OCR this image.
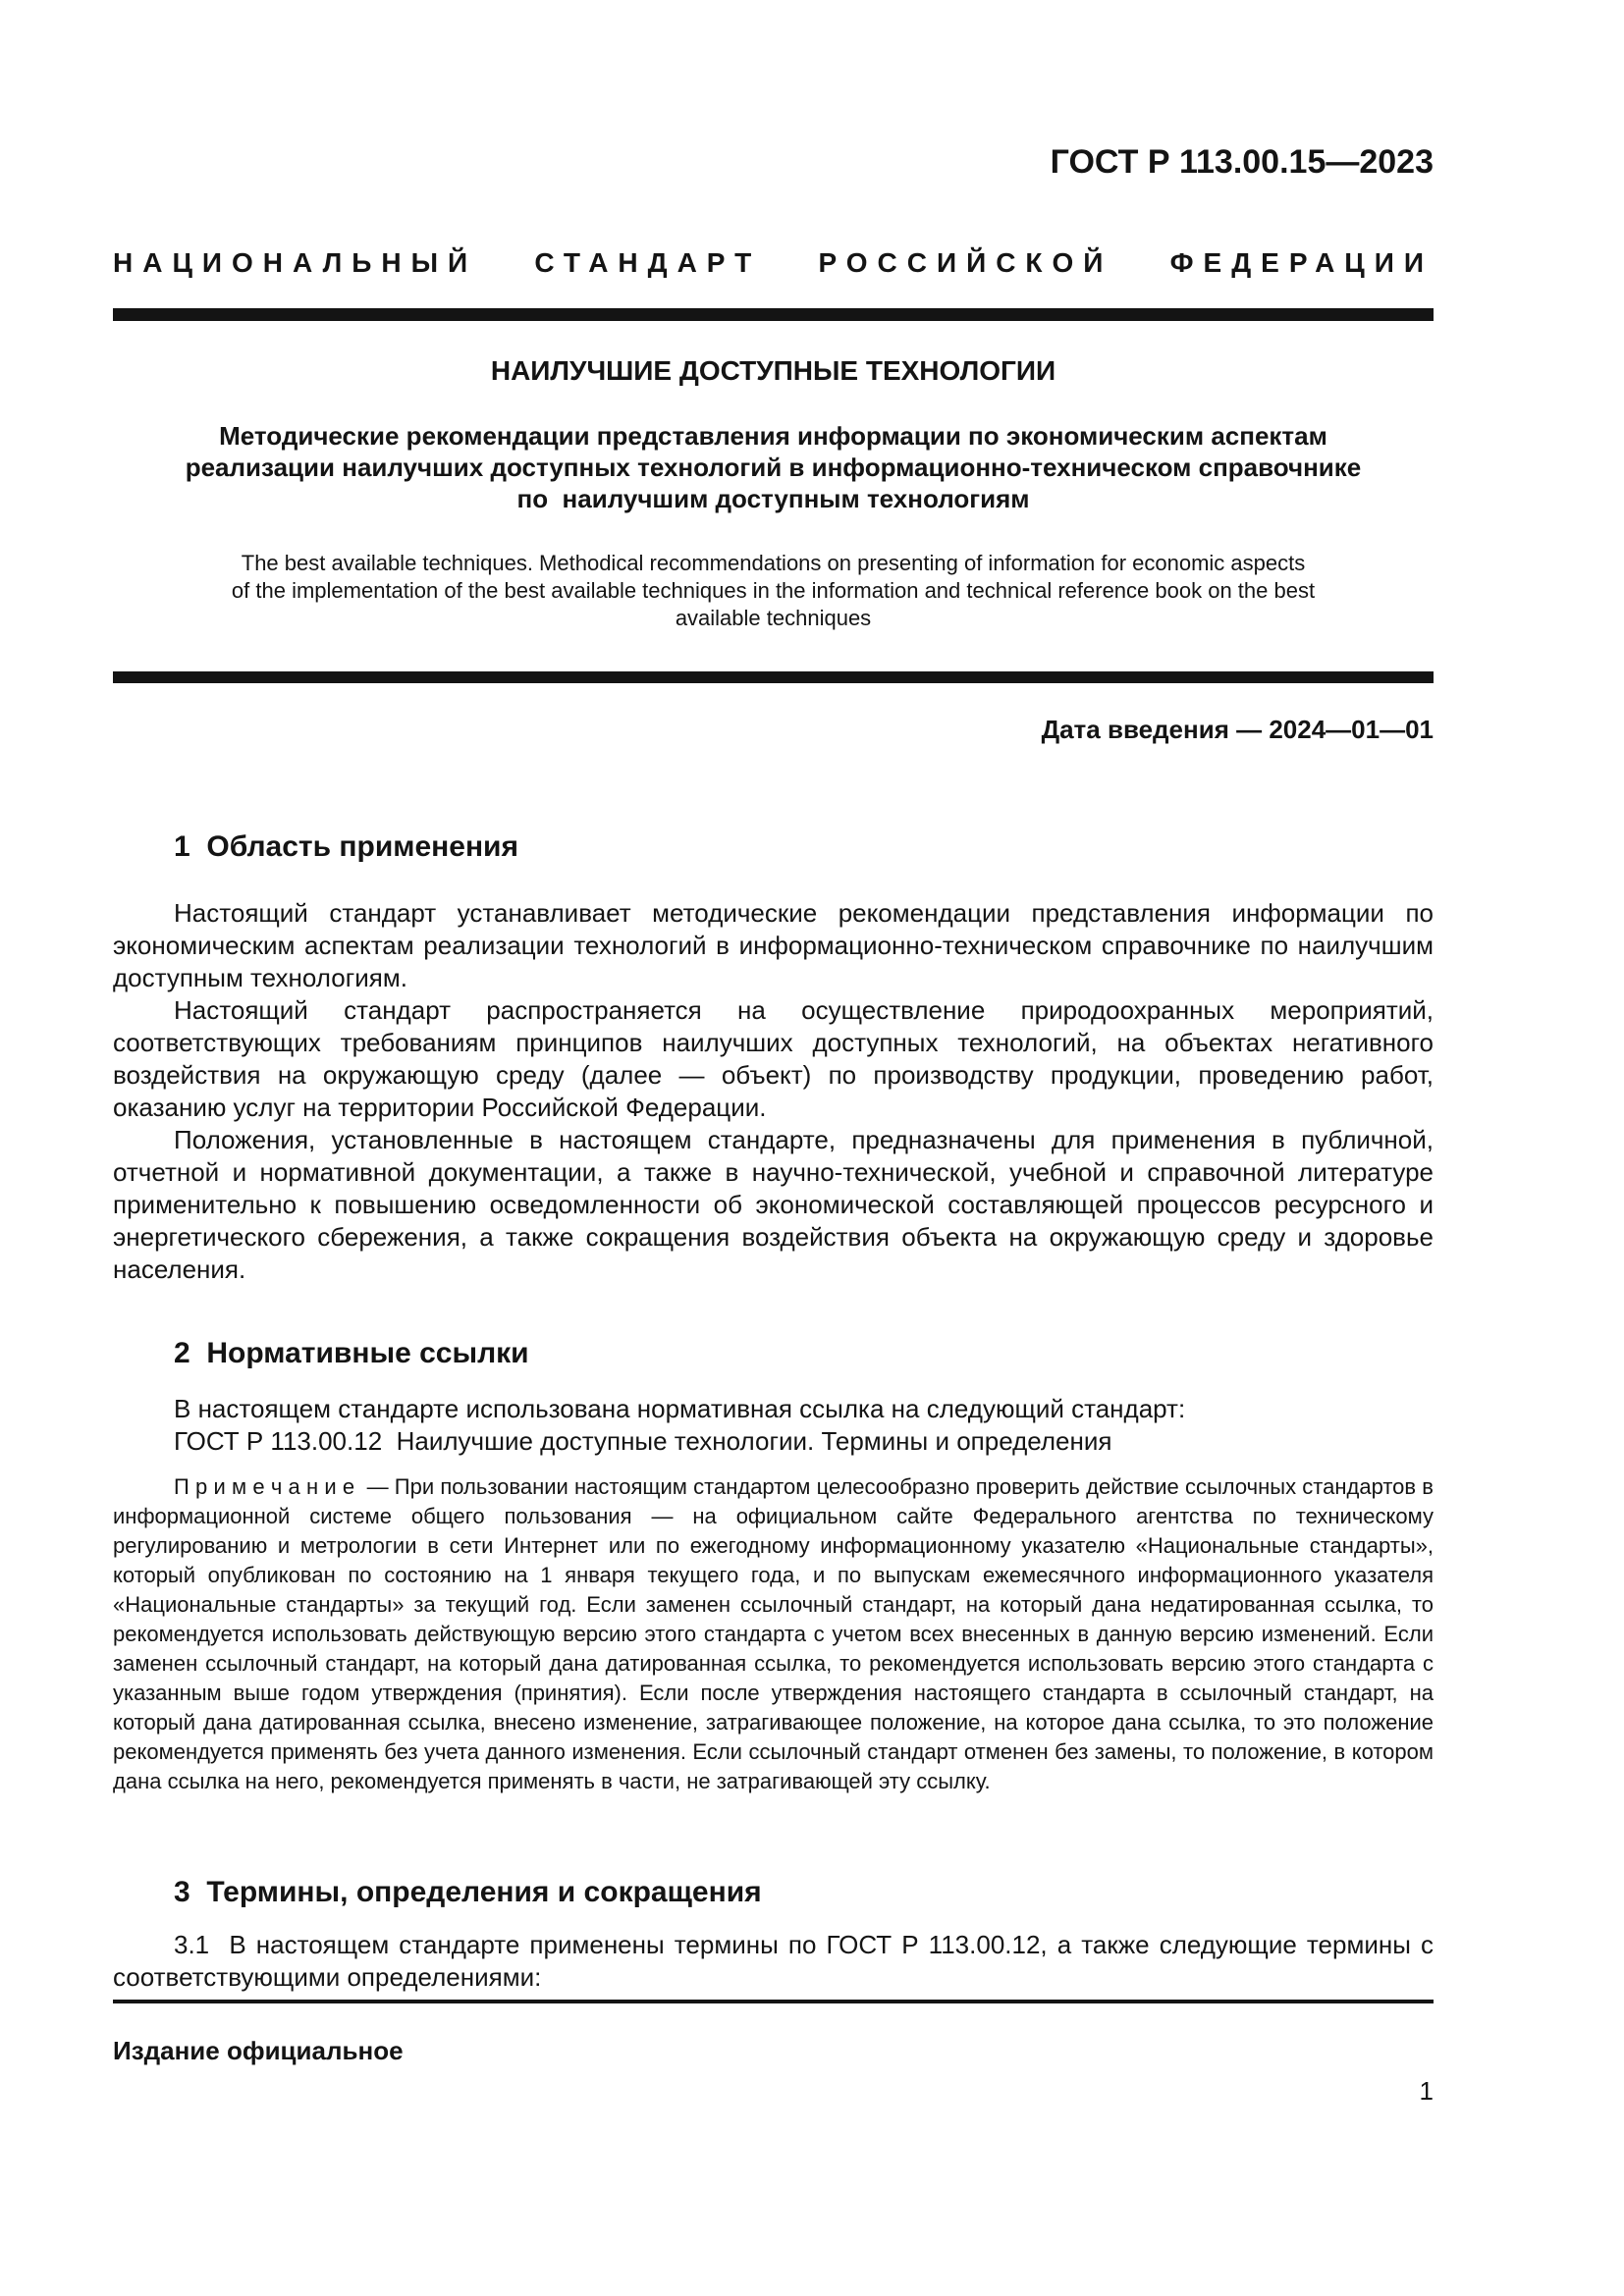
ГОСТ Р 113.00.15—2023
НАЦИОНАЛЬНЫЙ СТАНДАРТ РОССИЙСКОЙ ФЕДЕРАЦИИ
НАИЛУЧШИЕ ДОСТУПНЫЕ ТЕХНОЛОГИИ
Методические рекомендации представления информации по экономическим аспектам
реализации наилучших доступных технологий в информационно-техническом справочнике
по  наилучшим доступным технологиям
The best available techniques. Methodical recommendations on presenting of information for economic aspects
of the implementation of the best available techniques in the information and technical reference book on the best
available techniques
Дата введения — 2024—01—01
1  Область применения

Настоящий стандарт устанавливает методические рекомендации представления информации по экономическим аспектам реализации технологий в информационно-техническом справочнике по наилучшим доступным технологиям.

Настоящий стандарт распространяется на осуществление природоохранных мероприятий, соответствующих требованиям принципов наилучших доступных технологий, на объектах негативного воздействия на окружающую среду (далее — объект) по производству продукции, проведению работ, оказанию услуг на территории Российской Федерации.

Положения, установленные в настоящем стандарте, предназначены для применения в публичной, отчетной и нормативной документации, а также в научно-технической, учебной и справочной литературе применительно к повышению осведомленности об экономической составляющей процессов ресурсного и энергетического сбережения, а также сокращения воздействия объекта на окружающую среду и здоровье населения.

2  Нормативные ссылки

В настоящем стандарте использована нормативная ссылка на следующий стандарт:

ГОСТ Р 113.00.12  Наилучшие доступные технологии. Термины и определения

П р и м е ч а н и е  — При пользовании настоящим стандартом целесообразно проверить действие ссылочных стандартов в информационной системе общего пользования — на официальном сайте Федерального агентства по техническому регулированию и метрологии в сети Интернет или по ежегодному информационному указателю «Национальные стандарты», который опубликован по состоянию на 1 января текущего года, и по выпускам ежемесячного информационного указателя «Национальные стандарты» за текущий год. Если заменен ссылочный стандарт, на который дана недатированная ссылка, то рекомендуется использовать действующую версию этого стандарта с учетом всех внесенных в данную версию изменений. Если заменен ссылочный стандарт, на который дана датированная ссылка, то рекомендуется использовать версию этого стандарта с указанным выше годом утверждения (принятия). Если после утверждения настоящего стандарта в ссылочный стандарт, на который дана датированная ссылка, внесено изменение, затрагивающее положение, на которое дана ссылка, то это положение рекомендуется применять без учета данного изменения. Если ссылочный стандарт отменен без замены, то положение, в котором дана ссылка на него, рекомендуется применять в части, не затрагивающей эту ссылку.

3  Термины, определения и сокращения

3.1  В настоящем стандарте применены термины по ГОСТ Р 113.00.12, а также следующие термины с соответствующими определениями:

Издание официальное
1
